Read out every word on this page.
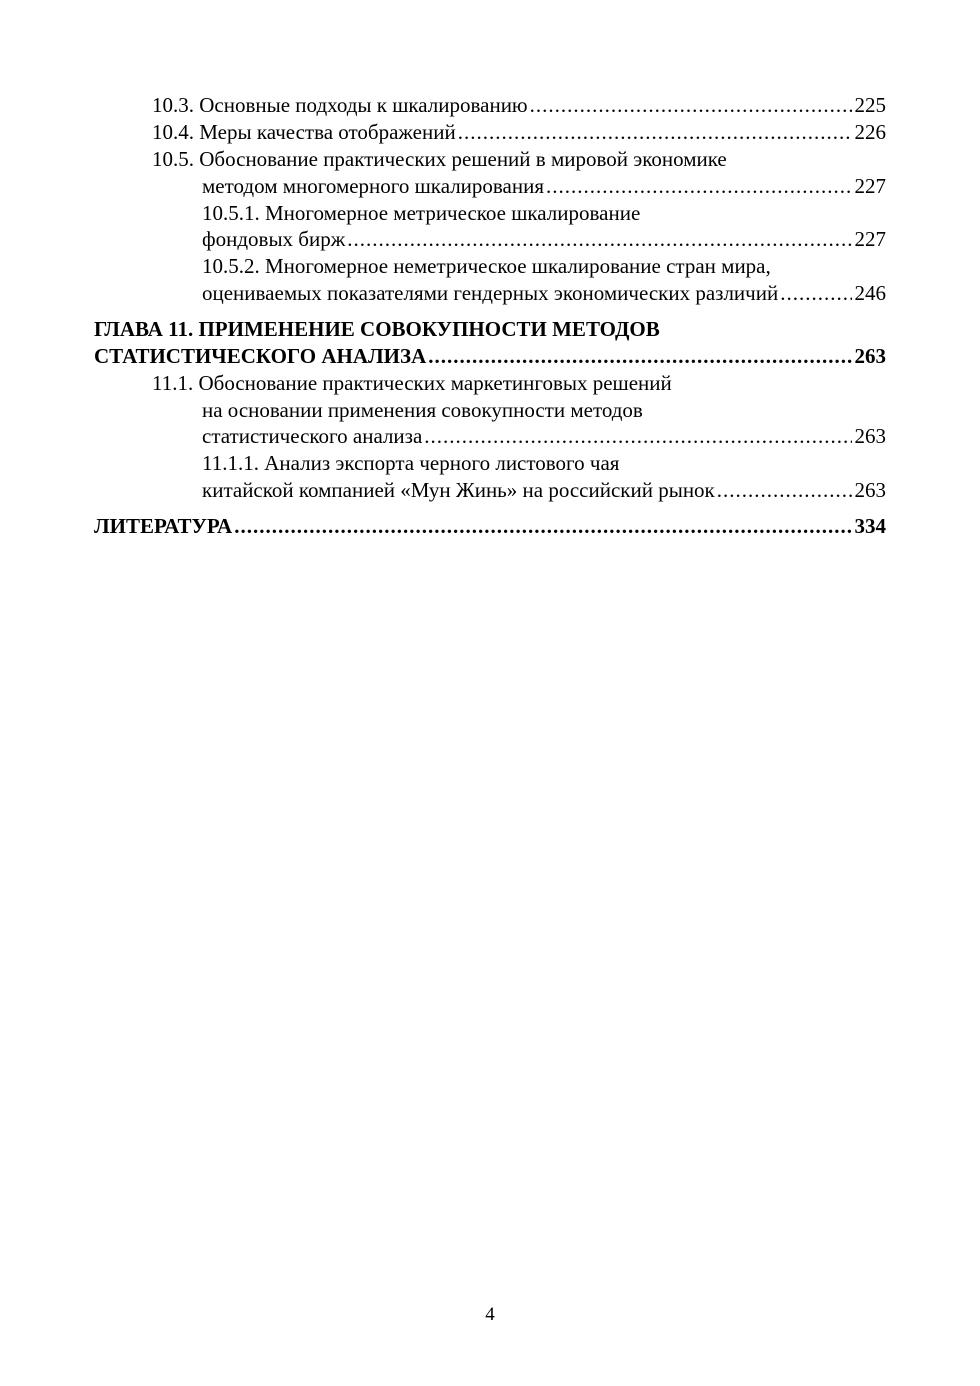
10.3. Основные подходы к шкалированию .....	225
10.4. Меры качества отображений .....	226
10.5. Обоснование практических решений в мировой экономике
методом многомерного шкалирования .....	227
10.5.1. Многомерное метрическое шкалирование
фондовых бирж .....	227
10.5.2. Многомерное неметрическое шкалирование стран мира,
оцениваемых показателями гендерных экономических различий .....	246
ГЛАВА 11. ПРИМЕНЕНИЕ СОВОКУПНОСТИ МЕТОДОВ
СТАТИСТИЧЕСКОГО АНАЛИЗА .....	263
11.1. Обоснование практических маркетинговых решений
на основании применения совокупности методов
статистического анализа .....	263
11.1.1. Анализ экспорта черного листового чая
китайской компанией «Мун Жинь» на российский рынок .....	263
ЛИТЕРАТУРА .....	334
4
